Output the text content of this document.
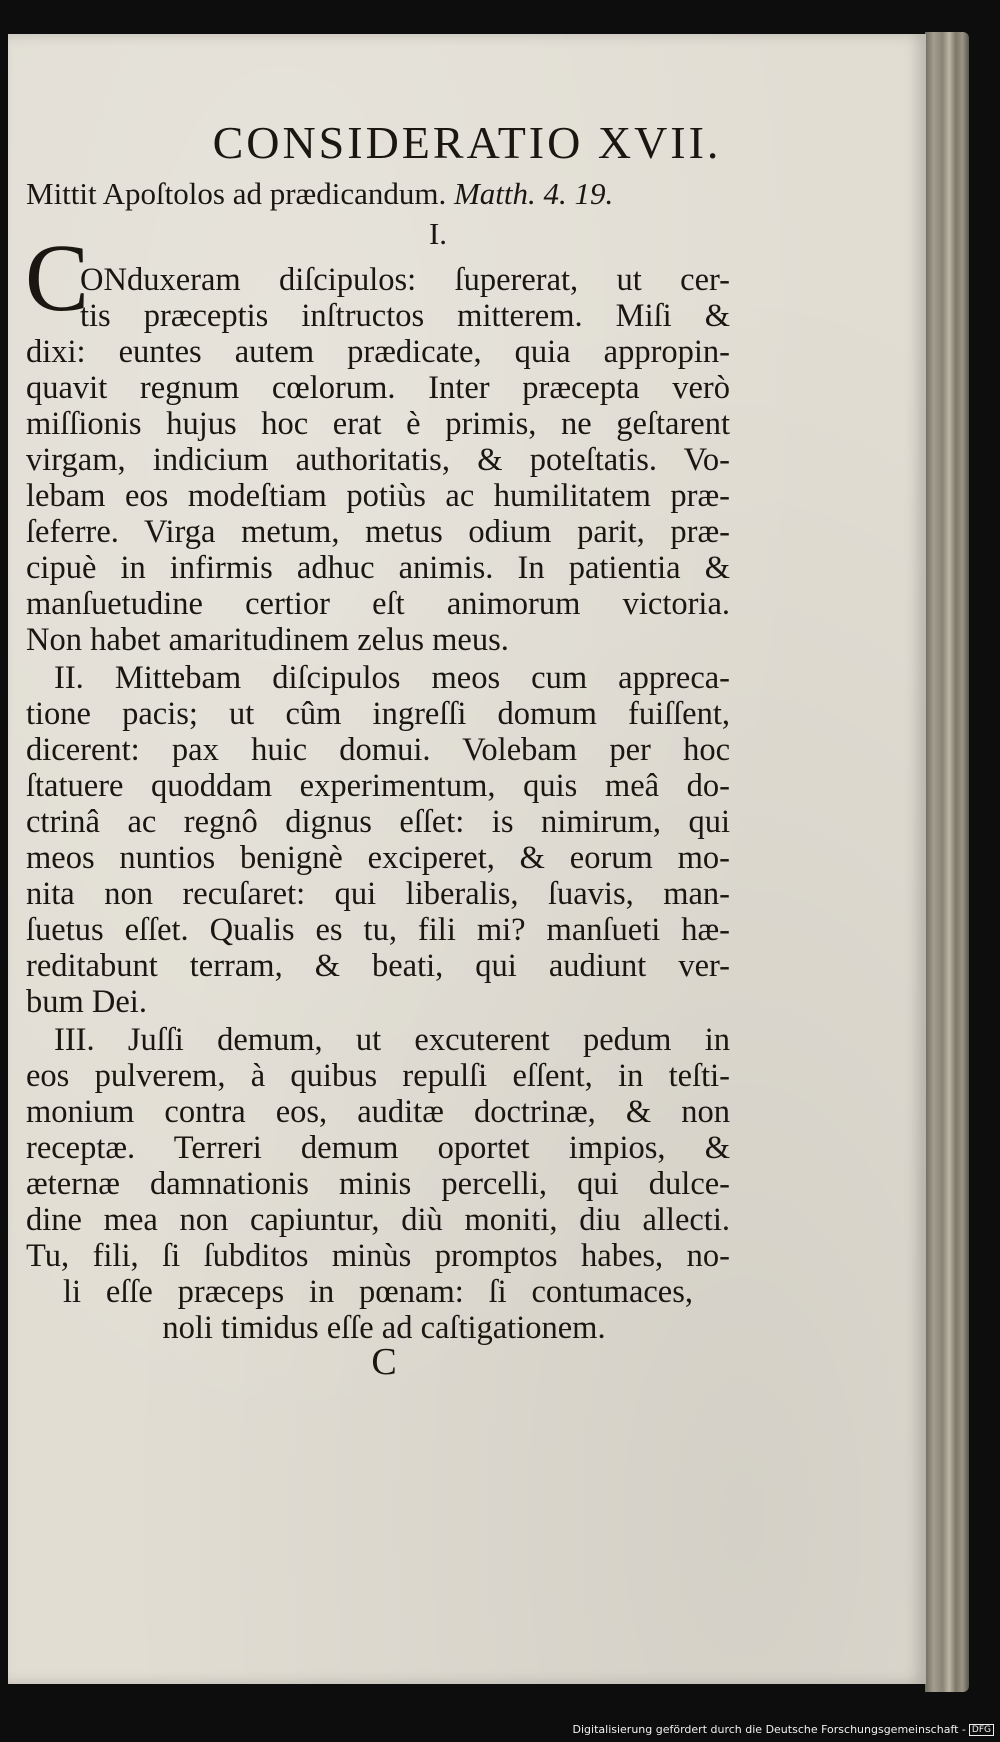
CONSIDERATIO XVII.
Mittit Apoſtolos ad prædicandum. Matth. 4. 19.
I.
C
ONduxeram diſcipulos: ſupererat, ut cer-
tis præceptis inſtructos mitterem. Miſi &
dixi: euntes autem prædicate, quia appropin-
quavit regnum cœlorum. Inter præcepta verò
miſſionis hujus hoc erat è primis, ne geſtarent
virgam, indicium authoritatis, & poteſtatis. Vo-
lebam eos modeſtiam potiùs ac humilitatem præ-
ſeferre. Virga metum, metus odium parit, præ-
cipuè in infirmis adhuc animis. In patientia &
manſuetudine certior eſt animorum victoria.
Non habet amaritudinem zelus meus.
II. Mittebam diſcipulos meos cum appreca-
tione pacis; ut cûm ingreſſi domum fuiſſent,
dicerent: pax huic domui. Volebam per hoc
ſtatuere quoddam experimentum, quis meâ do-
ctrinâ ac regnô dignus eſſet: is nimirum, qui
meos nuntios benignè exciperet, & eorum mo-
nita non recuſaret: qui liberalis, ſuavis, man-
ſuetus eſſet. Qualis es tu, fili mi? manſueti hæ-
reditabunt terram, & beati, qui audiunt ver-
bum Dei.
III. Juſſi demum, ut excuterent pedum in
eos pulverem, à quibus repulſi eſſent, in teſti-
monium contra eos, auditæ doctrinæ, & non
receptæ. Terreri demum oportet impios, &
æternæ damnationis minis percelli, qui dulce-
dine mea non capiuntur, diù moniti, diu allecti.
Tu, fili, ſi ſubditos minùs promptos habes, no-
li eſſe præceps in pœnam: ſi contumaces,
noli timidus eſſe ad caſtigationem.
C
Digitalisierung gefördert durch die Deutsche Forschungsgemeinschaft - DFG
